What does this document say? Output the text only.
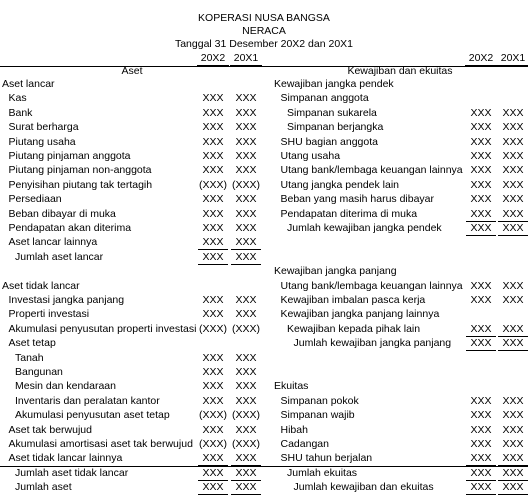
KOPERASI NUSA BANGSA
NERACA
Tanggal 31 Desember 20X2 dan 20X1
20X2 20X1	20X2 20X1
Aset	Kewajiban dan ekuitas
Aset lancar
Kas	XXX	XXX
Bank	XXX	XXX
Surat berharga	XXX	XXX
Piutang usaha	XXX	XXX
Piutang pinjaman anggota	XXX	XXX
Piutang pinjaman non-anggota	XXX	XXX
Penyisihan piutang tak tertagih	(XXX) (XXX)
Persediaan	XXX	XXX
Beban dibayar di muka	XXX	XXX
Pendapatan akan diterima	XXX	XXX
Aset lancar lainnya	XXX	XXX
Jumlah aset lancar	XXX	XXX
Aset tidak lancar
Investasi jangka panjang	XXX	XXX
Properti investasi	XXX	XXX
Akumulasi penyusutan properti investasi (XXX) (XXX)
Aset tetap
Tanah	XXX	XXX
Bangunan	XXX	XXX
Mesin dan kendaraan	XXX	XXX
Inventaris dan peralatan kantor	XXX	XXX
Akumulasi penyusutan aset tetap	(XXX) (XXX)
Aset tak berwujud	XXX	XXX
Akumulasi amortisasi aset tak berwujud (XXX) (XXX)
Aset tidak lancar lainnya	XXX	XXX
Jumlah aset tidak lancar	XXX	XXX
Jumlah aset	XXX	XXX
Kewajiban jangka pendek
Simpanan anggota
Simpanan sukarela	XXX	XXX
Simpanan berjangka	XXX	XXX
SHU bagian anggota	XXX	XXX
Utang usaha	XXX	XXX
Utang bank/lembaga keuangan lainnya XXX	XXX
Utang jangka pendek lain	XXX	XXX
Beban yang masih harus dibayar	XXX	XXX
Pendapatan diterima di muka	XXX	XXX
Jumlah kewajiban jangka pendek	XXX	XXX
Kewajiban jangka panjang
Utang bank/lembaga keuangan lainnya XXX	XXX
Kewajiban imbalan pasca kerja	XXX	XXX
Kewajiban jangka panjang lainnya
Kewajiban kepada pihak lain	XXX	XXX
Jumlah kewajiban jangka panjang	XXX	XXX
Ekuitas
Simpanan pokok	XXX	XXX
Simpanan wajib	XXX	XXX
Hibah	XXX	XXX
Cadangan	XXX	XXX
SHU tahun berjalan	XXX	XXX
Jumlah ekuitas	XXX	XXX
Jumlah kewajiban dan ekuitas	XXX	XXX
